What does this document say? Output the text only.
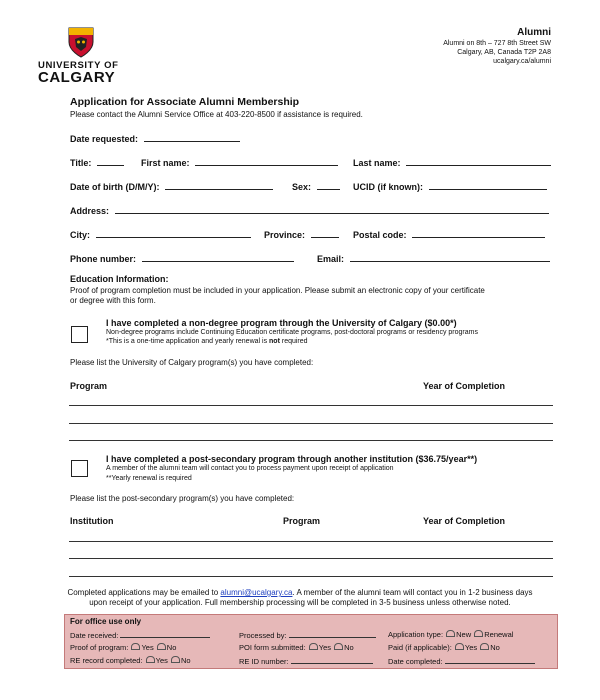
UNIVERSITY OF
CALGARY
Alumni
Alumni on 8th – 727 8th Street SW
Calgary, AB, Canada T2P 2A8
ucalgary.ca/alumni
Application for Associate Alumni Membership
Please contact the Alumni Service Office at 403-220-8500 if assistance is required.
Date requested:
Title:	First name:	Last name:
Date of birth (D/M/Y):	Sex:	UCID (if known):
Address:
City:	Province:	Postal code:
Phone number:	Email:
Education Information:
Proof of program completion must be included in your application. Please submit an electronic copy of your certificate
or degree with this form.
I have completed a non-degree program through the University of Calgary ($0.00*)
Non-degree programs include Continuing Education certificate programs, post-doctoral programs or residency programs
*This is a one-time application and yearly renewal is not required
Please list the University of Calgary program(s) you have completed:
Program	Year of Completion
I have completed a post-secondary program through another institution ($36.75/year**)
A member of the alumni team will contact you to process payment upon receipt of application
**Yearly renewal is required
Please list the post-secondary program(s) you have completed:
Institution	Program	Year of Completion
Completed applications may be emailed to alumni@ucalgary.ca. A member of the alumni team will contact you in 1-2 business days
upon receipt of your application. Full membership processing will be completed in 3-5 business unless otherwise noted.
For office use only
Date received:	Processed by:	Application type: New Renewal
Proof of program: Yes No	POI form submitted: Yes No	Paid (if applicable): Yes No
RE record completed: Yes No	RE ID number:	Date completed:
